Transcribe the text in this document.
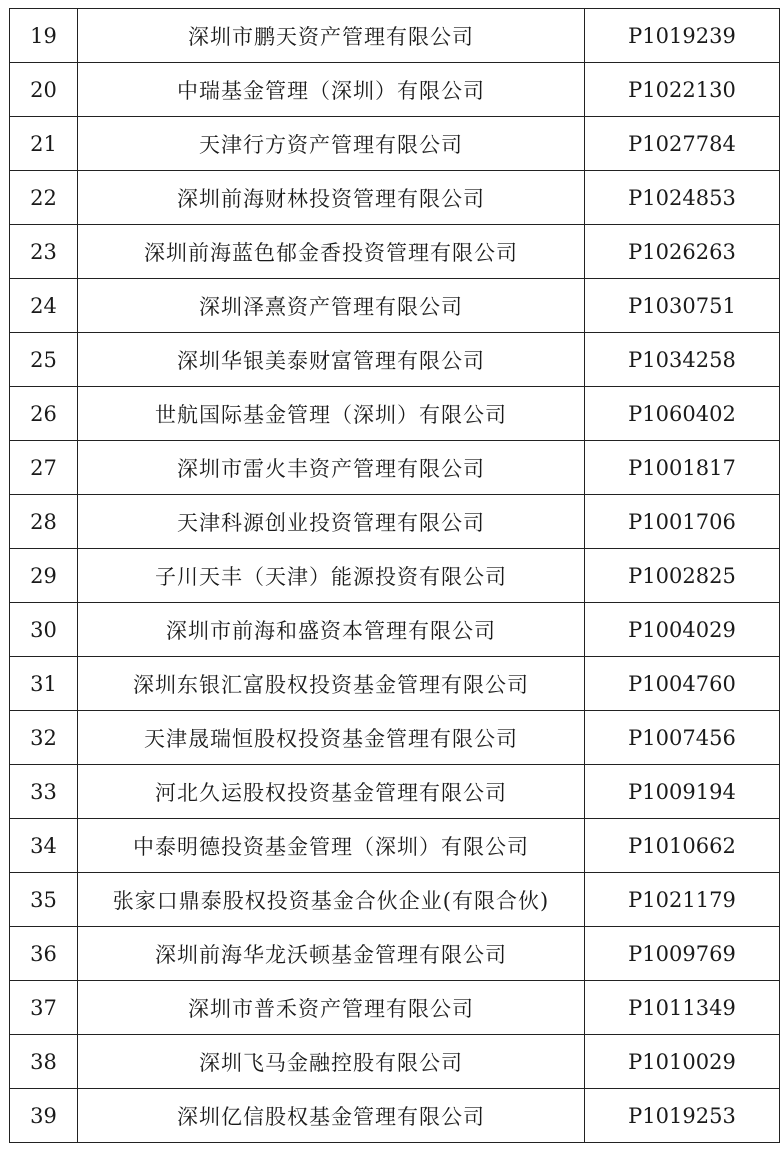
19	深圳市鹏天资产管理有限公司	P1019239
20	中瑞基金管理（深圳）有限公司	P1022130
21	天津行方资产管理有限公司	P1027784
22	深圳前海财林投资管理有限公司	P1024853
23	深圳前海蓝色郁金香投资管理有限公司	P1026263
24	深圳泽熹资产管理有限公司	P1030751
25	深圳华银美泰财富管理有限公司	P1034258
26	世航国际基金管理（深圳）有限公司	P1060402
27	深圳市雷火丰资产管理有限公司	P1001817
28	天津科源创业投资管理有限公司	P1001706
29	子川天丰（天津）能源投资有限公司	P1002825
30	深圳市前海和盛资本管理有限公司	P1004029
31	深圳东银汇富股权投资基金管理有限公司	P1004760
32	天津晟瑞恒股权投资基金管理有限公司	P1007456
33	河北久运股权投资基金管理有限公司	P1009194
34	中泰明德投资基金管理（深圳）有限公司	P1010662
35	张家口鼎泰股权投资基金合伙企业(有限合伙)	P1021179
36	深圳前海华龙沃顿基金管理有限公司	P1009769
37	深圳市普禾资产管理有限公司	P1011349
38	深圳飞马金融控股有限公司	P1010029
39	深圳亿信股权基金管理有限公司	P1019253
